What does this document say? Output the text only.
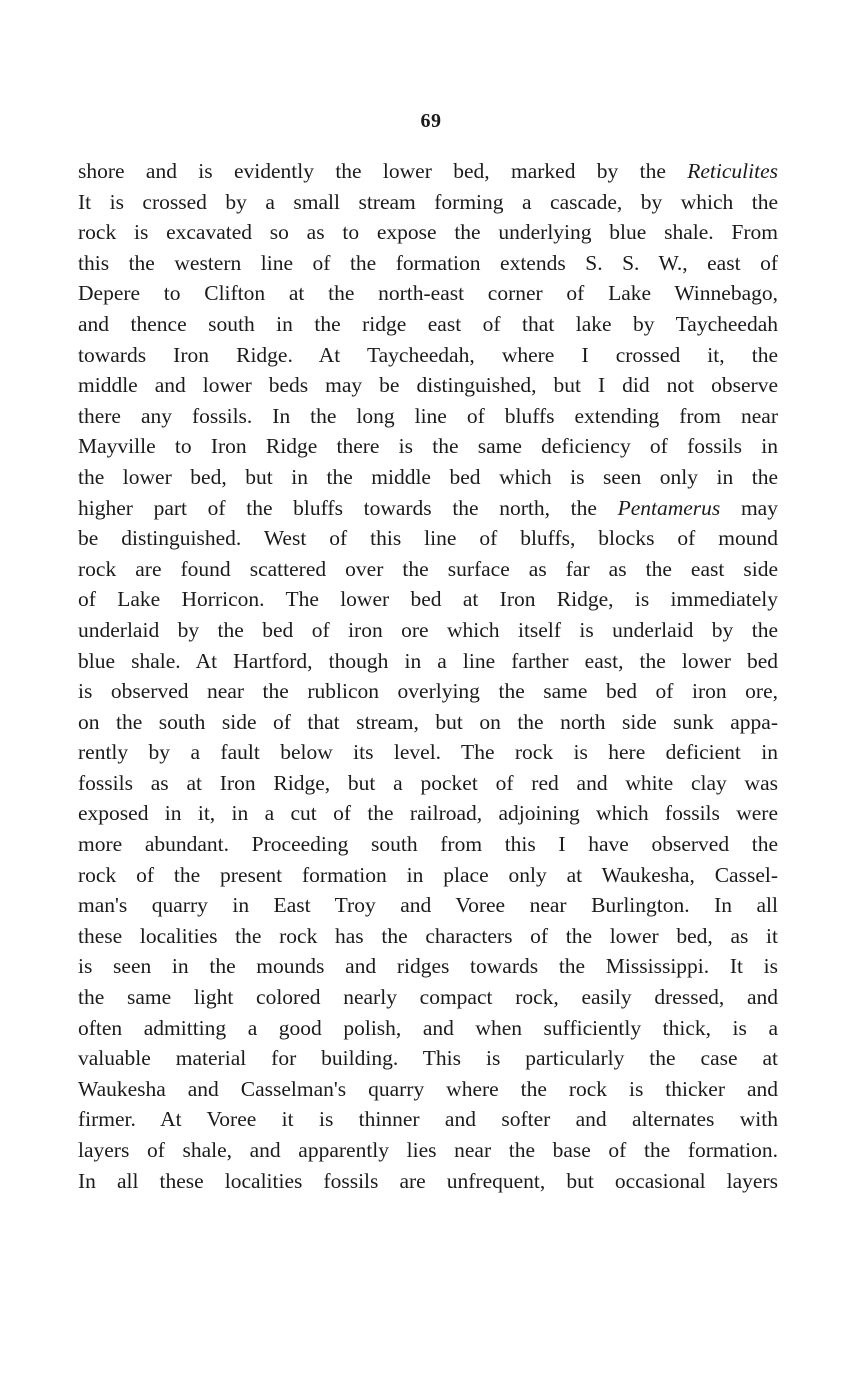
69
shore and is evidently the lower bed, marked by the Reticulites
It is crossed by a small stream forming a cascade, by which the
rock is excavated so as to expose the underlying blue shale. From
this the western line of the formation extends S. S. W., east of
Depere to Clifton at the north-east corner of Lake Winnebago,
and thence south in the ridge east of that lake by Taycheedah
towards Iron Ridge. At Taycheedah, where I crossed it, the
middle and lower beds may be distinguished, but I did not observe
there any fossils. In the long line of bluffs extending from near
Mayville to Iron Ridge there is the same deficiency of fossils in
the lower bed, but in the middle bed which is seen only in the
higher part of the bluffs towards the north, the Pentamerus may
be distinguished. West of this line of bluffs, blocks of mound
rock are found scattered over the surface as far as the east side
of Lake Horricon. The lower bed at Iron Ridge, is immediately
underlaid by the bed of iron ore which itself is underlaid by the
blue shale. At Hartford, though in a line farther east, the lower bed
is observed near the rublicon overlying the same bed of iron ore,
on the south side of that stream, but on the north side sunk appa-
rently by a fault below its level. The rock is here deficient in
fossils as at Iron Ridge, but a pocket of red and white clay was
exposed in it, in a cut of the railroad, adjoining which fossils were
more abundant. Proceeding south from this I have observed the
rock of the present formation in place only at Waukesha, Cassel-
man's quarry in East Troy and Voree near Burlington. In all
these localities the rock has the characters of the lower bed, as it
is seen in the mounds and ridges towards the Mississippi. It is
the same light colored nearly compact rock, easily dressed, and
often admitting a good polish, and when sufficiently thick, is a
valuable material for building. This is particularly the case at
Waukesha and Casselman's quarry where the rock is thicker and
firmer. At Voree it is thinner and softer and alternates with
layers of shale, and apparently lies near the base of the formation.
In all these localities fossils are unfrequent, but occasional layers
